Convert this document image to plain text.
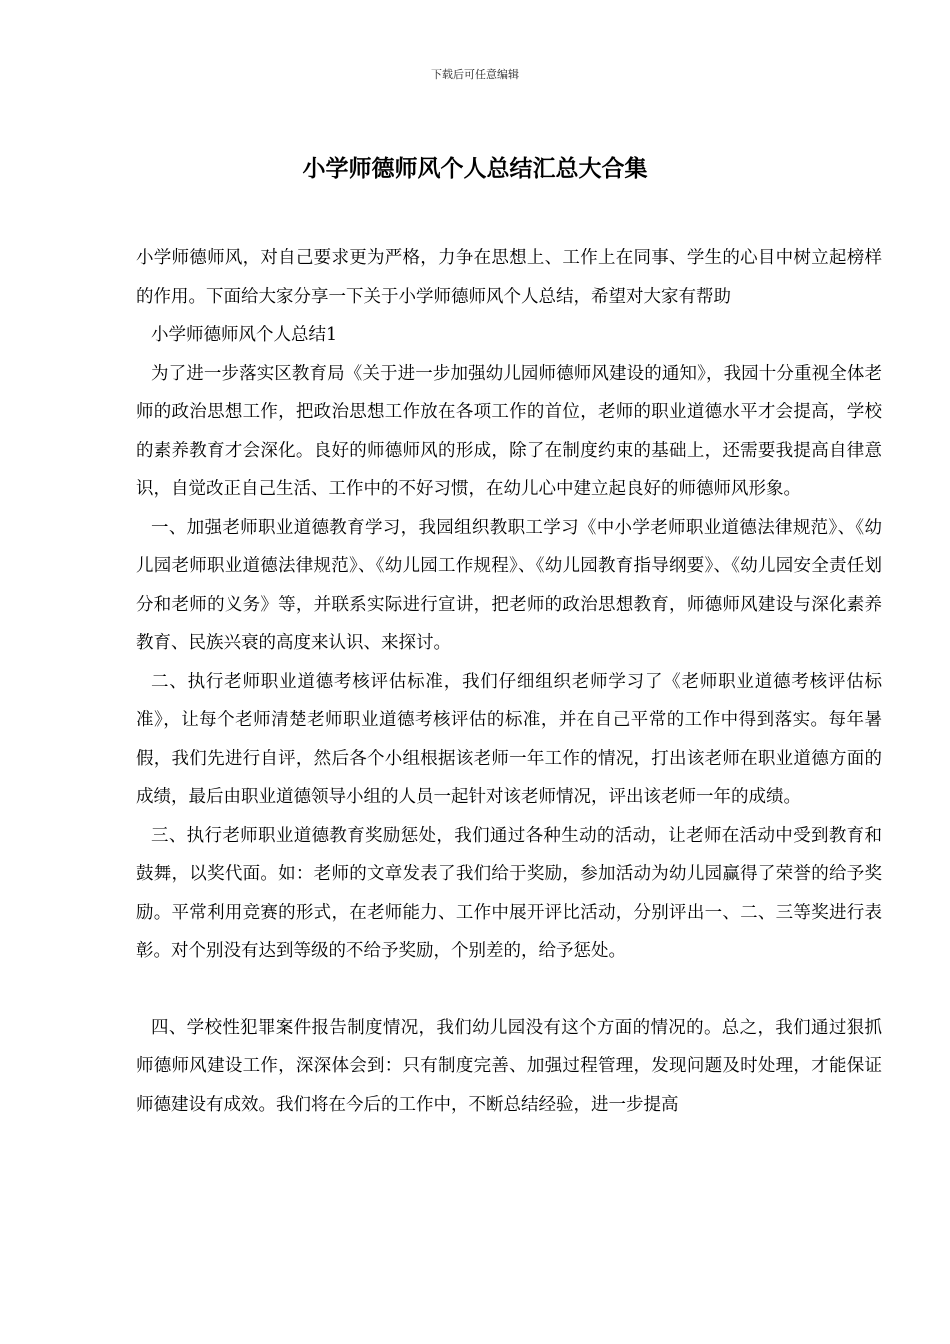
下载后可任意编辑
小学师德师风个人总结汇总大合集

小学师德师风，对自己要求更为严格，力争在思想上、工作上在同事、学生的心目中树立起榜样的作用。下面给大家分享一下关于小学师德师风个人总结，希望对大家有帮助

小学师德师风个人总结1

为了进一步落实区教育局《关于进一步加强幼儿园师德师风建设的通知》，我园十分重视全体老师的政治思想工作，把政治思想工作放在各项工作的首位，老师的职业道德水平才会提高，学校的素养教育才会深化。良好的师德师风的形成，除了在制度约束的基础上，还需要我提高自律意识，自觉改正自己生活、工作中的不好习惯，在幼儿心中建立起良好的师德师风形象。

一、加强老师职业道德教育学习，我园组织教职工学习《中小学老师职业道德法律规范》、《幼儿园老师职业道德法律规范》、《幼儿园工作规程》、《幼儿园教育指导纲要》、《幼儿园安全责任划分和老师的义务》等，并联系实际进行宣讲，把老师的政治思想教育，师德师风建设与深化素养教育、民族兴衰的高度来认识、来探讨。

二、执行老师职业道德考核评估标准，我们仔细组织老师学习了《老师职业道德考核评估标准》，让每个老师清楚老师职业道德考核评估的标准，并在自己平常的工作中得到落实。每年暑假，我们先进行自评，然后各个小组根据该老师一年工作的情况，打出该老师在职业道德方面的成绩，最后由职业道德领导小组的人员一起针对该老师情况，评出该老师一年的成绩。

三、执行老师职业道德教育奖励惩处，我们通过各种生动的活动，让老师在活动中受到教育和鼓舞，以奖代面。如：老师的文章发表了我们给于奖励，参加活动为幼儿园赢得了荣誉的给予奖励。平常利用竞赛的形式，在老师能力、工作中展开评比活动，分别评出一、二、三等奖进行表彰。对个别没有达到等级的不给予奖励，个别差的，给予惩处。

四、学校性犯罪案件报告制度情况，我们幼儿园没有这个方面的情况的。总之，我们通过狠抓师德师风建设工作，深深体会到：只有制度完善、加强过程管理，发现问题及时处理，才能保证师德建设有成效。我们将在今后的工作中，不断总结经验，进一步提高
